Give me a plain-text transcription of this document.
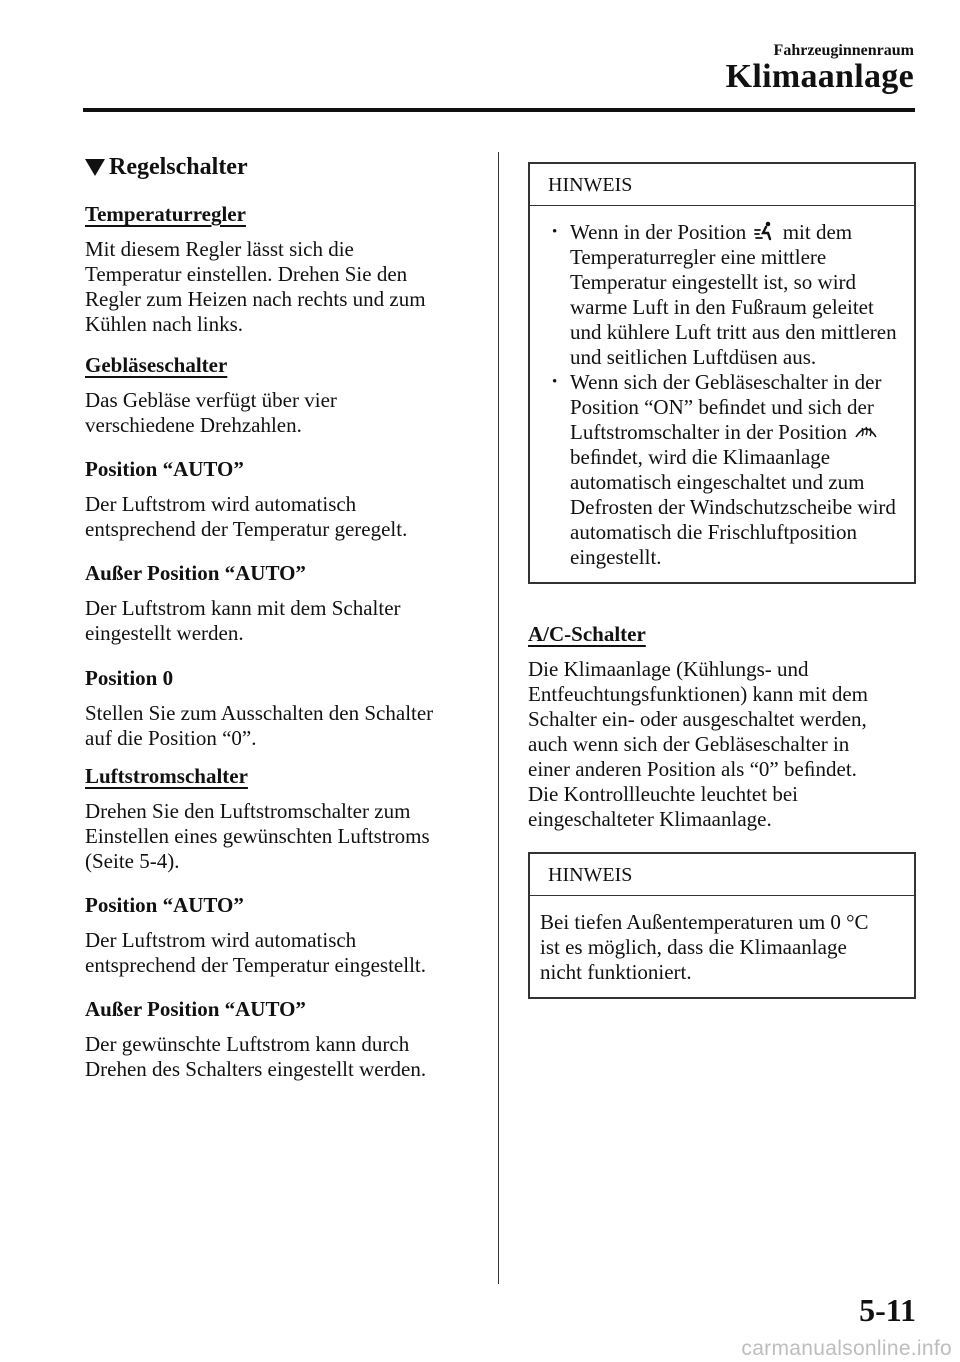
Fahrzeuginnenraum
Klimaanlage
Regelschalter
Temperaturregler

Mit diesem Regler lässt sich die
Temperatur einstellen. Drehen Sie den
Regler zum Heizen nach rechts und zum
Kühlen nach links.

Gebläseschalter

Das Gebläse verfügt über vier
verschiedene Drehzahlen.

Position “AUTO”

Der Luftstrom wird automatisch
entsprechend der Temperatur geregelt.

Außer Position “AUTO”

Der Luftstrom kann mit dem Schalter
eingestellt werden.

Position 0

Stellen Sie zum Ausschalten den Schalter
auf die Position “0”.

Luftstromschalter

Drehen Sie den Luftstromschalter zum
Einstellen eines gewünschten Luftstroms
(Seite 5-4).

Position “AUTO”

Der Luftstrom wird automatisch
entsprechend der Temperatur eingestellt.

Außer Position “AUTO”

Der gewünschte Luftstrom kann durch
Drehen des Schalters eingestellt werden.

HINWEIS
• Wenn in der Position mit dem Temperaturregler eine mittlere Temperatur eingestellt ist, so wird warme Luft in den Fußraum geleitet und kühlere Luft tritt aus den mittleren und seitlichen Luftdüsen aus.
• Wenn sich der Gebläseschalter in der Position “ON” beﬁndet und sich der Luftstromschalter in der Position  beﬁndet, wird die Klimaanlage automatisch eingeschaltet und zum Defrosten der Windschutzscheibe wird automatisch die Frischluftposition eingestellt.
A/C-Schalter

Die Klimaanlage (Kühlungs- und
Entfeuchtungsfunktionen) kann mit dem
Schalter ein- oder ausgeschaltet werden,
auch wenn sich der Gebläseschalter in
einer anderen Position als “0” beﬁndet.
Die Kontrollleuchte leuchtet bei
eingeschalteter Klimaanlage.

HINWEIS

Bei tiefen Außentemperaturen um 0 °C
ist es möglich, dass die Klimaanlage
nicht funktioniert.

5-11
carmanualsonline.info
